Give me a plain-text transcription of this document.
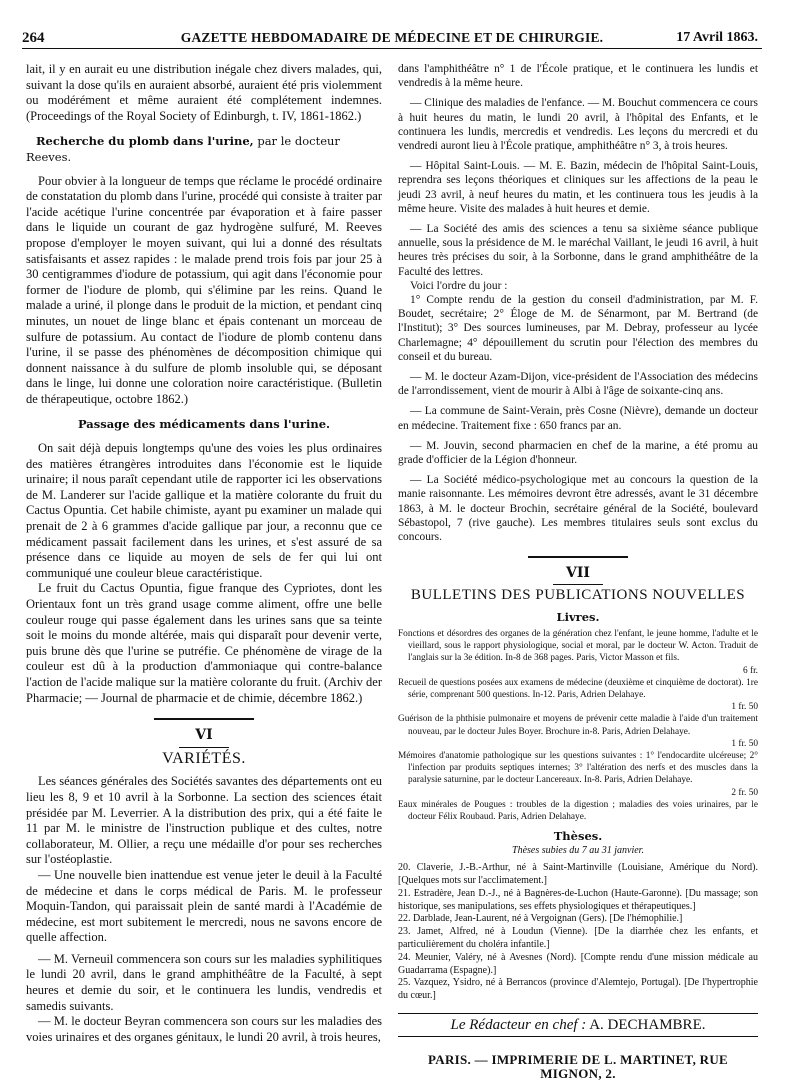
264	GAZETTE HEBDOMADAIRE DE MÉDECINE ET DE CHIRURGIE.	17 Avril 1863.

lait, il y en aurait eu une distribution inégale chez divers malades, qui, suivant la dose qu'ils en auraient absorbé, auraient été pris violemment ou modérément et même auraient été complétement indemnes. (Proceedings of the Royal Society of Edinburgh, t. IV, 1861-1862.)

Recherche du plomb dans l'urine, par le docteur Reeves.

Pour obvier à la longueur de temps que réclame le procédé ordinaire de constatation du plomb dans l'urine, procédé qui consiste à traiter par l'acide acétique l'urine concentrée par évaporation et à faire passer dans le liquide un courant de gaz hydrogène sulfuré, M. Reeves propose d'employer le moyen suivant, qui lui a donné des résultats satisfaisants et assez rapides : le malade prend trois fois par jour 25 à 30 centigrammes d'iodure de potassium, qui agit dans l'économie pour former de l'iodure de plomb, qui s'élimine par les reins. Quand le malade a uriné, il plonge dans le produit de la miction, et pendant cinq minutes, un nouet de linge blanc et épais contenant un morceau de sulfure de potassium. Au contact de l'iodure de plomb contenu dans l'urine, il se passe des phénomènes de décomposition chimique qui donnent naissance à du sulfure de plomb insoluble qui, se déposant dans le linge, lui donne une coloration noire caractéristique. (Bulletin de thérapeutique, octobre 1862.)

Passage des médicaments dans l'urine.

On sait déjà depuis longtemps qu'une des voies les plus ordinaires des matières étrangères introduites dans l'économie est le liquide urinaire; il nous paraît cependant utile de rapporter ici les observations de M. Landerer sur l'acide gallique et la matière colorante du fruit du Cactus Opuntia. Cet habile chimiste, ayant pu examiner un malade qui prenait de 2 à 6 grammes d'acide gallique par jour, a reconnu que ce médicament passait facilement dans les urines, et s'est assuré de sa présence dans ce liquide au moyen de sels de fer qui lui ont communiqué une couleur bleue caractéristique.

Le fruit du Cactus Opuntia, figue franque des Cypriotes, dont les Orientaux font un très grand usage comme aliment, offre une belle couleur rouge qui passe également dans les urines sans que sa teinte soit le moins du monde altérée, mais qui disparaît pour devenir verte, puis brune dès que l'urine se putréfie. Ce phénomène de virage de la couleur est dû à la production d'ammoniaque qui contre-balance l'action de l'acide malique sur la matière colorante du fruit. (Archiv der Pharmacie; — Journal de pharmacie et de chimie, décembre 1862.)

VI
VARIÉTÉS.

Les séances générales des Sociétés savantes des départements ont eu lieu les 8, 9 et 10 avril à la Sorbonne. La section des sciences était présidée par M. Leverrier. A la distribution des prix, qui a été faite le 11 par M. le ministre de l'instruction publique et des cultes, notre collaborateur, M. Ollier, a reçu une médaille d'or pour ses recherches sur l'ostéoplastie.

— Une nouvelle bien inattendue est venue jeter le deuil à la Faculté de médecine et dans le corps médical de Paris. M. le professeur Moquin-Tandon, qui paraissait plein de santé mardi à l'Académie de médecine, est mort subitement le mercredi, nous ne savons encore de quelle affection.

— M. Verneuil commencera son cours sur les maladies syphilitiques le lundi 20 avril, dans le grand amphithéâtre de la Faculté, à sept heures et demie du soir, et le continuera les lundis, vendredis et samedis suivants.

— M. le docteur Beyran commencera son cours sur les maladies des voies urinaires et des organes génitaux, le lundi 20 avril, à trois heures,

dans l'amphithéâtre n° 1 de l'École pratique, et le continuera les lundis et vendredis à la même heure.

— Clinique des maladies de l'enfance. — M. Bouchut commencera ce cours à huit heures du matin, le lundi 20 avril, à l'hôpital des Enfants, et le continuera les lundis, mercredis et vendredis. Les leçons du mercredi et du vendredi auront lieu à l'École pratique, amphithéâtre n° 3, à trois heures.

— Hôpital Saint-Louis. — M. E. Bazin, médecin de l'hôpital Saint-Louis, reprendra ses leçons théoriques et cliniques sur les affections de la peau le jeudi 23 avril, à neuf heures du matin, et les continuera tous les jeudis à la même heure. Visite des malades à huit heures et demie.

— La Société des amis des sciences a tenu sa sixième séance publique annuelle, sous la présidence de M. le maréchal Vaillant, le jeudi 16 avril, à huit heures très précises du soir, à la Sorbonne, dans le grand amphithéâtre de la Faculté des lettres.

Voici l'ordre du jour :

1° Compte rendu de la gestion du conseil d'administration, par M. F. Boudet, secrétaire; 2° Éloge de M. de Sénarmont, par M. Bertrand (de l'Institut); 3° Des sources lumineuses, par M. Debray, professeur au lycée Charlemagne; 4° dépouillement du scrutin pour l'élection des membres du conseil et du bureau.

— M. le docteur Azam-Dijon, vice-président de l'Association des médecins de l'arrondissement, vient de mourir à Albi à l'âge de soixante-cinq ans.

— La commune de Saint-Verain, près Cosne (Nièvre), demande un docteur en médecine. Traitement fixe : 650 francs par an.

— M. Jouvin, second pharmacien en chef de la marine, a été promu au grade d'officier de la Légion d'honneur.

— La Société médico-psychologique met au concours la question de la manie raisonnante. Les mémoires devront être adressés, avant le 31 décembre 1863, à M. le docteur Brochin, secrétaire général de la Société, boulevard Sébastopol, 7 (rive gauche). Les membres titulaires seuls sont exclus du concours.

VII
BULLETINS DES PUBLICATIONS NOUVELLES
Livres.

Fonctions et désordres des organes de la génération chez l'enfant, le jeune homme, l'adulte et le vieillard, sous le rapport physiologique, social et moral, par le docteur W. Acton. Traduit de l'anglais sur la 3e édition. In-8 de 368 pages. Paris, Victor Masson et fils.

6 fr.

Recueil de questions posées aux examens de médecine (deuxième et cinquième de doctorat). 1re série, comprenant 500 questions. In-12. Paris, Adrien Delahaye.

1 fr. 50

Guérison de la phthisie pulmonaire et moyens de prévenir cette maladie à l'aide d'un traitement nouveau, par le docteur Jules Boyer. Brochure in-8. Paris, Adrien Delahaye.

1 fr. 50

Mémoires d'anatomie pathologique sur les questions suivantes : 1° l'endocardite ulcéreuse; 2° l'infection par produits septiques internes; 3° l'altération des nerfs et des muscles dans la paralysie saturnine, par le docteur Lancereaux. In-8. Paris, Adrien Delahaye.

2 fr. 50

Eaux minérales de Pougues : troubles de la digestion ; maladies des voies urinaires, par le docteur Félix Roubaud. Paris, Adrien Delahaye.

Thèses.

Thèses subies du 7 au 31 janvier.

20. Claverie, J.-B.-Arthur, né à Saint-Martinville (Louisiane, Amérique du Nord). [Quelques mots sur l'acclimatement.]

21. Estradère, Jean D.-J., né à Bagnères-de-Luchon (Haute-Garonne). [Du massage; son historique, ses manipulations, ses effets physiologiques et thérapeutiques.]

22. Darblade, Jean-Laurent, né à Vergoignan (Gers). [De l'hémophilie.]

23. Jamet, Alfred, né à Loudun (Vienne). [De la diarrhée chez les enfants, et particulièrement du choléra infantile.]

24. Meunier, Valéry, né à Avesnes (Nord). [Compte rendu d'une mission médicale au Guadarrama (Espagne).]

25. Vazquez, Ysidro, né à Berrancos (province d'Alemtejo, Portugal). [De l'hypertrophie du cœur.]

Le Rédacteur en chef : A. DECHAMBRE.
PARIS. — IMPRIMERIE DE L. MARTINET, RUE MIGNON, 2.
